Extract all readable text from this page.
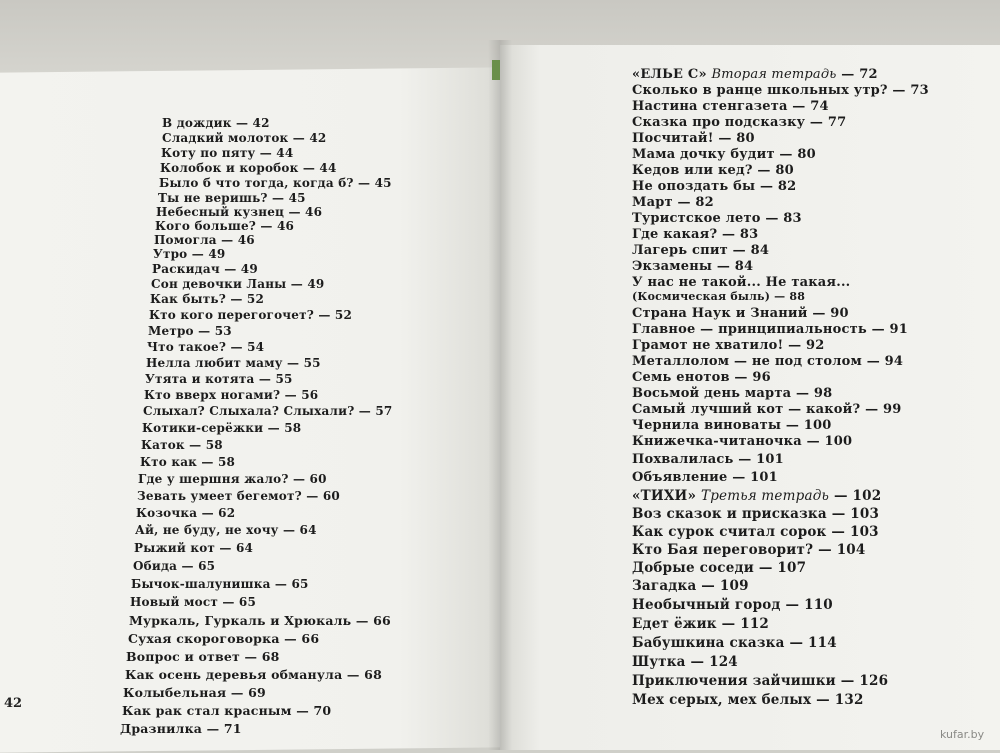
В дождик — 42
Сладкий молоток — 42
Коту по пяту — 44
Колобок и коробок — 44
Было б что тогда, когда б? — 45
Ты не веришь? — 45
Небесный кузнец — 46
Кого больше? — 46
Помогла — 46
Утро — 49
Раскидач — 49
Сон девочки Ланы — 49
Как быть? — 52
Кто кого перегогочет? — 52
Метро — 53
Что такое? — 54
Нелла любит маму — 55
Утята и котята — 55
Кто вверх ногами? — 56
Слыхал? Слыхала? Слыхали? — 57
Котики-серёжки — 58
Каток — 58
Кто как — 58
Где у шершня жало? — 60
Зевать умеет бегемот? — 60
Козочка — 62
Ай, не буду, не хочу — 64
Рыжий кот — 64
Обида — 65
Бычок-шалунишка — 65
Новый мост — 65
Муркаль, Гуркаль и Хрюкаль — 66
Сухая скороговорка — 66
Вопрос и ответ — 68
Как осень деревья обманула — 68
Колыбельная — 69
Как рак стал красным — 70
Дразнилка — 71
42
«ЕЛЬЕ С» Вторая тетрадь — 72
Сколько в ранце школьных утр? — 73
Настина стенгазета — 74
Сказка про подсказку — 77
Посчитай! — 80
Мама дочку будит — 80
Кедов или кед? — 80
Не опоздать бы — 82
Март — 82
Туристское лето — 83
Где какая? — 83
Лагерь спит — 84
Экзамены — 84
У нас не такой... Не такая...
(Космическая быль) — 88
Страна Наук и Знаний — 90
Главное — принципиальность — 91
Грамот не хватило! — 92
Металлолом — не под столом — 94
Семь енотов — 96
Восьмой день марта — 98
Самый лучший кот — какой? — 99
Чернила виноваты — 100
Книжечка-читаночка — 100
Похвалилась — 101
Объявление — 101
«ТИХИ» Третья тетрадь — 102
Воз сказок и присказка — 103
Как сурок считал сорок — 103
Кто Бая переговорит? — 104
Добрые соседи — 107
Загадка — 109
Необычный город — 110
Едет ёжик — 112
Бабушкина сказка — 114
Шутка — 124
Приключения зайчишки — 126
Мех серых, мех белых — 132
kufar.by
